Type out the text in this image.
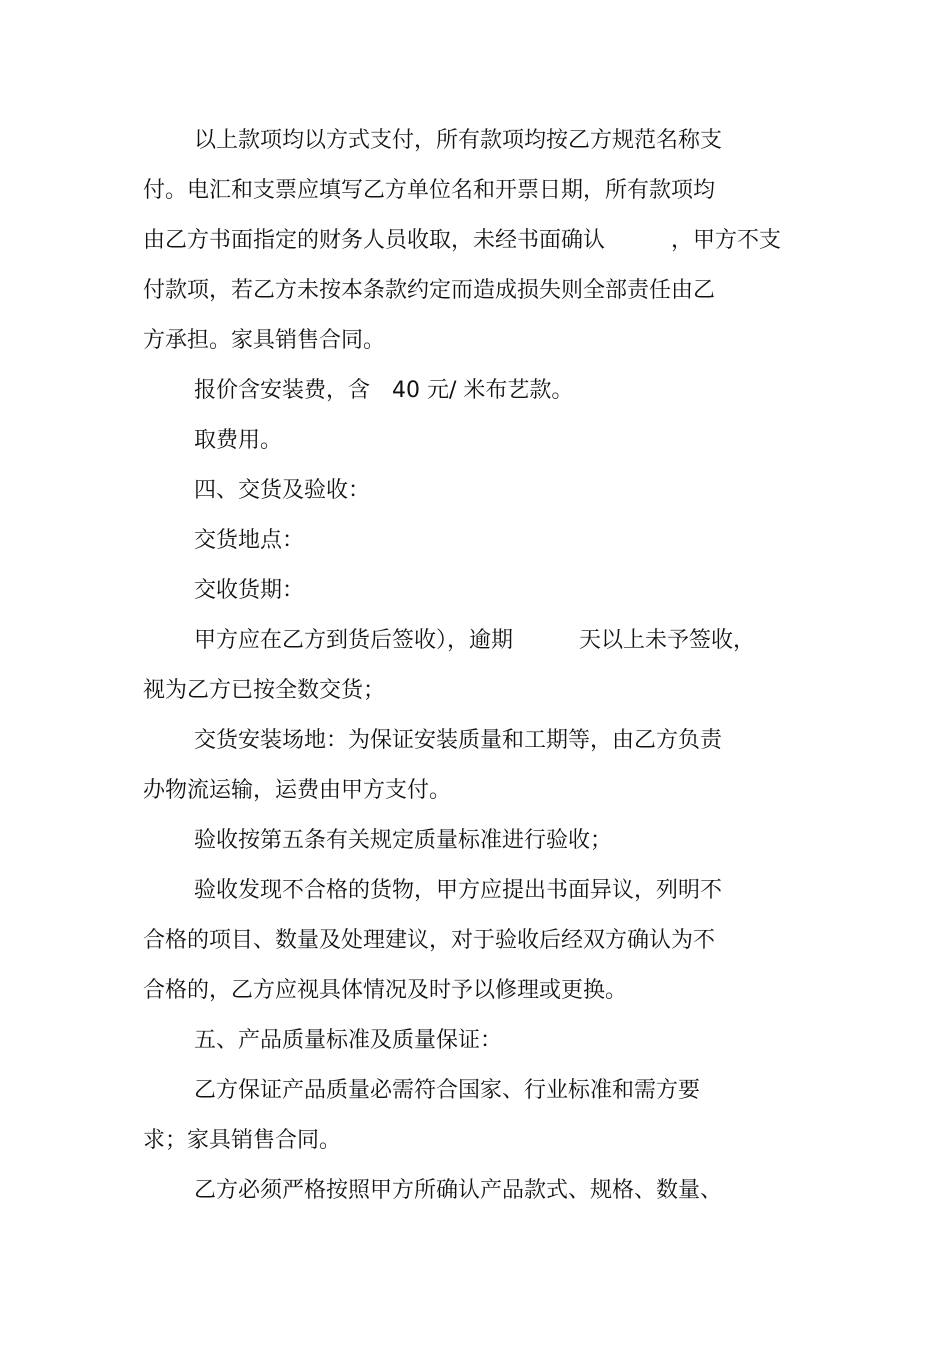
以上款项均以方式支付，所有款项均按乙方规范名称支
付。电汇和支票应填写乙方单位名和开票日期，所有款项均
由乙方书面指定的财务人员收取，未经书面确认　　　，甲方不支
付款项，若乙方未按本条款约定而造成损失则全部责任由乙
方承担。家具销售合同。
报价含安装费，含　40 元/ 米布艺款。
取费用。
四、交货及验收：
交货地点：
交收货期：
甲方应在乙方到货后签收），逾期　　　天以上未予签收，
视为乙方已按全数交货；
交货安装场地：为保证安装质量和工期等，由乙方负责
办物流运输，运费由甲方支付。
验收按第五条有关规定质量标准进行验收；
验收发现不合格的货物，甲方应提出书面异议，列明不
合格的项目、数量及处理建议，对于验收后经双方确认为不
合格的，乙方应视具体情况及时予以修理或更换。
五、产品质量标准及质量保证：
乙方保证产品质量必需符合国家、行业标准和需方要
求；家具销售合同。
乙方必须严格按照甲方所确认产品款式、规格、数量、
